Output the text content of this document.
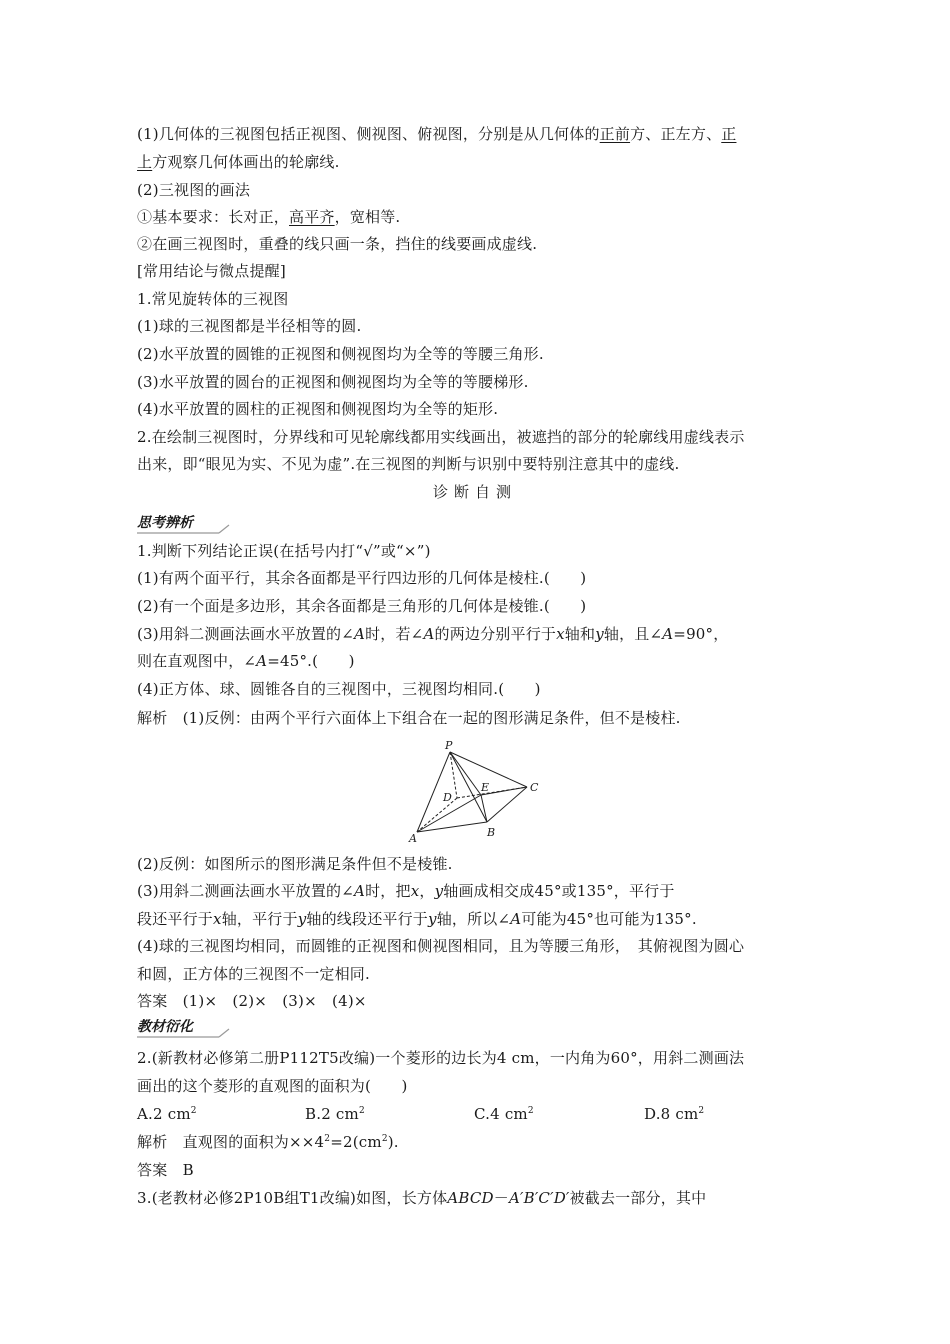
(1)几何体的三视图包括正视图、侧视图、俯视图，分别是从几何体的正前方、正左方、正
上方观察几何体画出的轮廓线.
(2)三视图的画法
①基本要求：长对正，高平齐，宽相等.
②在画三视图时，重叠的线只画一条，挡住的线要画成虚线.
[常用结论与微点提醒]
1.常见旋转体的三视图
(1)球的三视图都是半径相等的圆.
(2)水平放置的圆锥的正视图和侧视图均为全等的等腰三角形.
(3)水平放置的圆台的正视图和侧视图均为全等的等腰梯形.
(4)水平放置的圆柱的正视图和侧视图均为全等的矩形.
2.在绘制三视图时，分界线和可见轮廓线都用实线画出，被遮挡的部分的轮廓线用虚线表示
出来，即“眼见为实、不见为虚”.在三视图的判断与识别中要特别注意其中的虚线.
诊断自测
思考辨析
1.判断下列结论正误(在括号内打“√”或“×”)
(1)有两个面平行，其余各面都是平行四边形的几何体是棱柱.(　　)
(2)有一个面是多边形，其余各面都是三角形的几何体是棱锥.(　　)
(3)用斜二测画法画水平放置的∠A时，若∠A的两边分别平行于x轴和y轴，且∠A=90°，
则在直观图中，∠A=45°.(　　)
(4)正方体、球、圆锥各自的三视图中，三视图均相同.(　　)
解析　(1)反例：由两个平行六面体上下组合在一起的图形满足条件，但不是棱柱.
P
E
D
C
A	B
(2)反例：如图所示的图形满足条件但不是棱锥.
(3)用斜二测画法画水平放置的∠A时，把x，y轴画成相交成45°或135°，平行于
段还平行于x轴，平行于y轴的线段还平行于y轴，所以∠A可能为45°也可能为135°.
(4)球的三视图均相同，而圆锥的正视图和侧视图相同，且为等腰三角形，　其俯视图为圆心
和圆，正方体的三视图不一定相同.
答案　(1)×　(2)×　(3)×　(4)×
教材衍化
2.(新教材必修第二册P112T5改编)一个菱形的边长为4 cm，一内角为60°，用斜二测画法
画出的这个菱形的直观图的面积为(　　)
A.2 $cm^2$	B.2 $cm^2$	C.4 $cm^2$	D.8 $cm^2$
解析　直观图的面积为$\times\times 4^2=2(cm^2)$.
答案　B
3.(老教材必修2P10B组T1改编)如图，长方体ABCD－A′B′C′D′被截去一部分，其中
